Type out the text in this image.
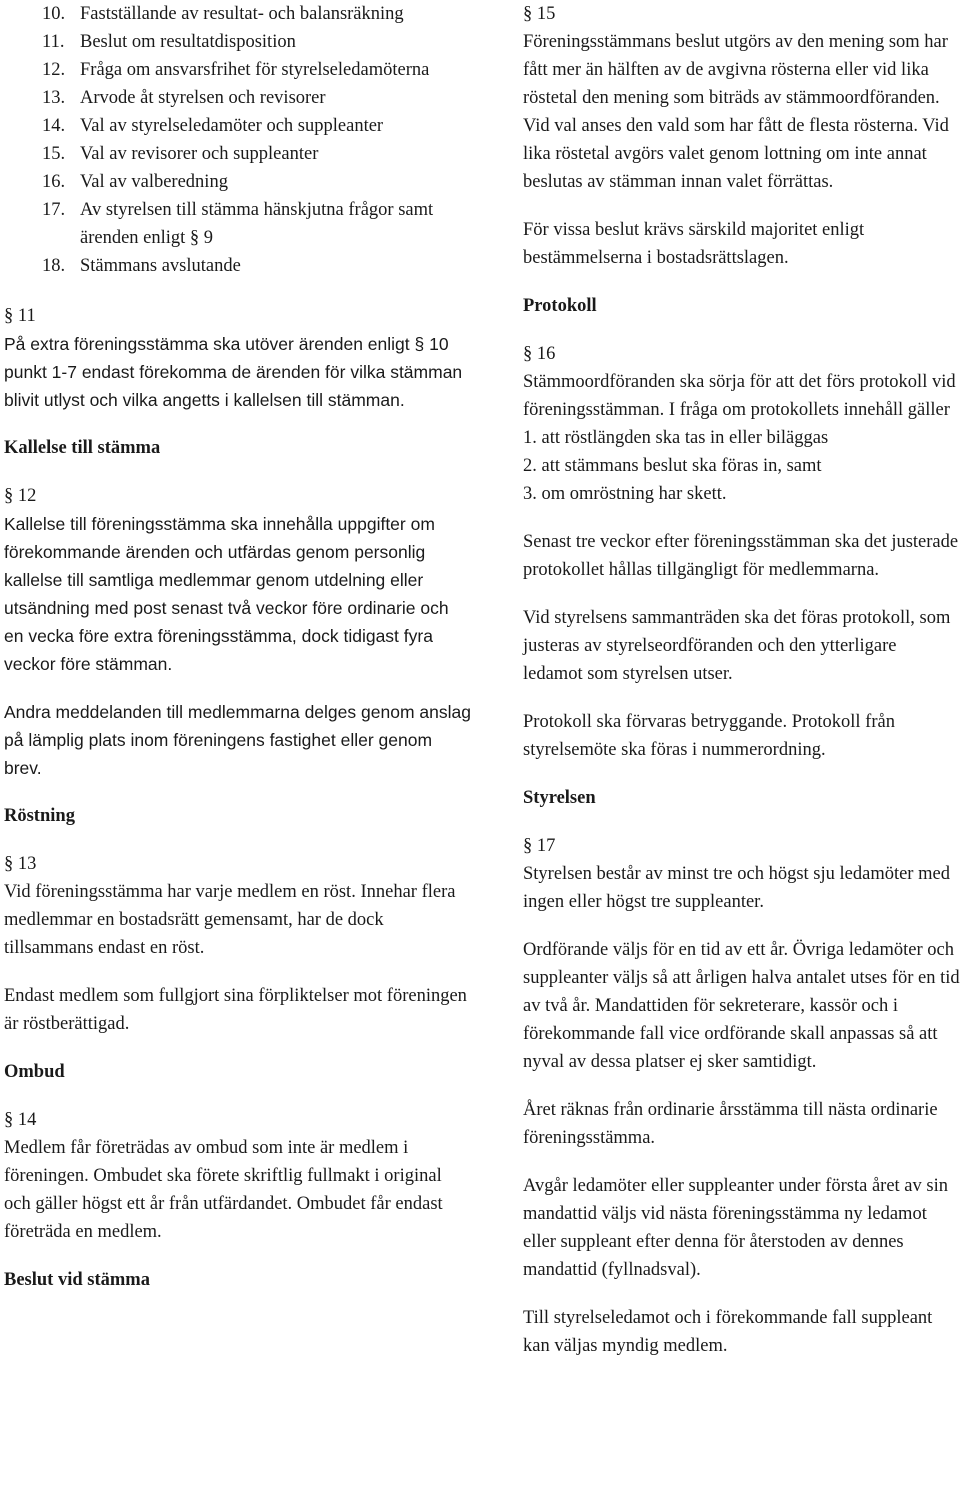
10. Fastställande av resultat- och balansräkning
11. Beslut om resultatdisposition
12. Fråga om ansvarsfrihet för styrelseledamöterna
13. Arvode åt styrelsen och revisorer
14. Val av styrelseledamöter och suppleanter
15. Val av revisorer och suppleanter
16. Val av valberedning
17. Av styrelsen till stämma hänskjutna frågor samt ärenden enligt § 9
18. Stämmans avslutande

§ 11

På extra föreningsstämma ska utöver ärenden enligt § 10 punkt 1-7 endast förekomma de ärenden för vilka stämman blivit utlyst och vilka angetts i kallelsen till stämman.

Kallelse till stämma

§ 12

Kallelse till föreningsstämma ska innehålla uppgifter om förekommande ärenden och utfärdas genom personlig kallelse till samtliga medlemmar genom utdelning eller utsändning med post senast två veckor före ordinarie och en vecka före extra föreningsstämma, dock tidigast fyra veckor före stämman.

Andra meddelanden till medlemmarna delges genom anslag på lämplig plats inom föreningens fastighet eller genom brev.

Röstning

§ 13

Vid föreningsstämma har varje medlem en röst. Innehar flera medlemmar en bostadsrätt gemensamt, har de dock tillsammans endast en röst.

Endast medlem som fullgjort sina förpliktelser mot föreningen är röstberättigad.

Ombud

§ 14

Medlem får företrädas av ombud som inte är medlem i föreningen. Ombudet ska förete skriftlig fullmakt i original och gäller högst ett år från utfärdandet. Ombudet får endast företräda en medlem.

Beslut vid stämma

§ 15

Föreningsstämmans beslut utgörs av den mening som har fått mer än hälften av de avgivna rösterna eller vid lika röstetal den mening som biträds av stämmoordföranden. Vid val anses den vald som har fått de flesta rösterna. Vid lika röstetal avgörs valet genom lottning om inte annat beslutas av stämman innan valet förrättas.

För vissa beslut krävs särskild majoritet enligt bestämmelserna i bostadsrättslagen.

Protokoll

§ 16

Stämmoordföranden ska sörja för att det förs protokoll vid föreningsstämman. I fråga om protokollets innehåll gäller

1. att röstlängden ska tas in eller biläggas

2. att stämmans beslut ska föras in, samt

3. om omröstning har skett.

Senast tre veckor efter föreningsstämman ska det justerade protokollet hållas tillgängligt för medlemmarna.

Vid styrelsens sammanträden ska det föras protokoll, som justeras av styrelseordföranden och den ytterligare ledamot som styrelsen utser.

Protokoll ska förvaras betryggande. Protokoll från styrelsemöte ska föras i nummerordning.

Styrelsen

§ 17

Styrelsen består av minst tre och högst sju ledamöter med ingen eller högst tre suppleanter.

Ordförande väljs för en tid av ett år. Övriga ledamöter och suppleanter väljs så att årligen halva antalet utses för en tid av två år. Mandattiden för sekreterare, kassör och i förekommande fall vice ordförande skall anpassas så att nyval av dessa platser ej sker samtidigt.

Året räknas från ordinarie årsstämma till nästa ordinarie föreningsstämma.

Avgår ledamöter eller suppleanter under första året av sin mandattid väljs vid nästa föreningsstämma ny ledamot eller suppleant efter denna för återstoden av dennes mandattid (fyllnadsval).

Till styrelseledamot och i förekommande fall suppleant kan väljas myndig medlem.
